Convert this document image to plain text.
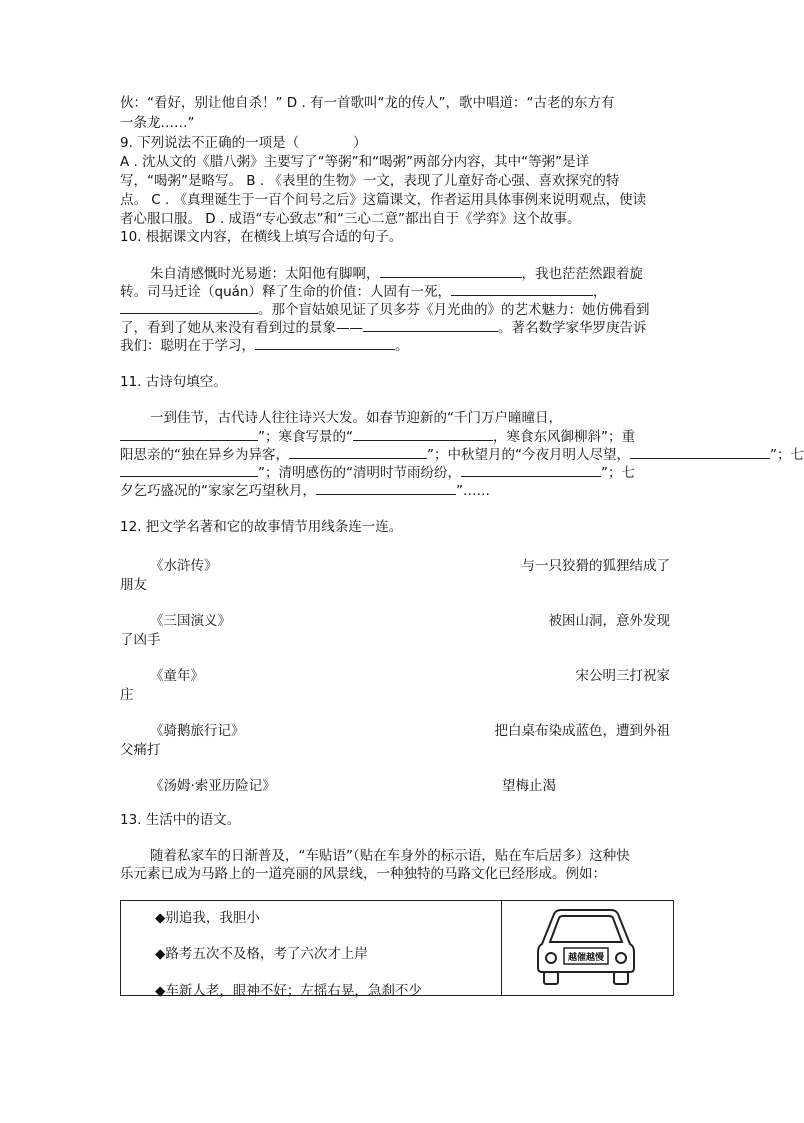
伙：“看好，别让他自杀！” D . 有一首歌叫“龙的传人”，歌中唱道：“古老的东方有
一条龙……”
9. 下列说法不正确的一项是（　　　　）
A . 沈从文的《腊八粥》主要写了“等粥”和“喝粥”两部分内容，其中“等粥”是详
写，“喝粥”是略写。 B . 《表里的生物》一文，表现了儿童好奇心强、喜欢探究的特
点。 C . 《真理诞生于一百个问号之后》这篇课文，作者运用具体事例来说明观点，使读
者心服口服。 D . 成语“专心致志”和“三心二意”都出自于《学弈》这个故事。
10. 根据课文内容，在横线上填写合适的句子。
朱自清感慨时光易逝：太阳他有脚啊，	，我也茫茫然跟着旋
转。司马迁诠（quán）释了生命的价值：人固有一死，	，
。那个盲姑娘见证了贝多芬《月光曲的》的艺术魅力：她仿佛看到
了，看到了她从来没有看到过的景象——	。著名数学家华罗庚告诉
我们：聪明在于学习，	。
11. 古诗句填空。
一到佳节，古代诗人往往诗兴大发。如春节迎新的“千门万户曈曈日，
”；寒食写景的“	，寒食东风御柳斜”；重
阳思亲的“独在异乡为异客，	”；中秋望月的“今夜月明人尽望，	”；七
”；清明感伤的“清明时节雨纷纷，	”；七
夕乞巧盛况的“家家乞巧望秋月，	”……
12. 把文学名著和它的故事情节用线条连一连。
《水浒传》	与一只狡猾的狐狸结成了
朋友
《三国演义》	被困山洞，意外发现
了凶手
《童年》	宋公明三打祝家
庄
《骑鹅旅行记》	把白桌布染成蓝色，遭到外祖
父痛打
《汤姆·索亚历险记》	望梅止渴
13. 生活中的语文。
随着私家车的日渐普及，“车贴语”（贴在车身外的标示语，贴在车后居多）这种快
乐元素已成为马路上的一道亮丽的风景线，一种独特的马路文化已经形成。例如：

◆别追我，我胆小
◆路考五次不及格，考了六次才上岸
◆车新人老，眼神不好；左摇右晃，急刹不少
越催越慢
